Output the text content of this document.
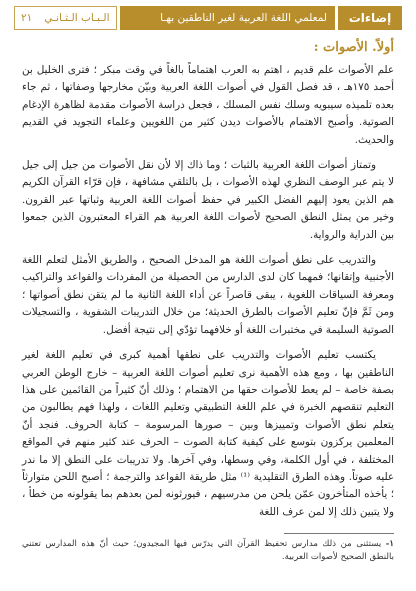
إضاءات
لمعلمي اللغة العربية لغير الناطقين بهـا
الـبـاب الـثـانـي
٢١
أولاً. الأصوات :

علم الأصوات علم قديم ، اهتم به العرب اهتماماً بالغاً في وقت مبكر ؛ فترى الخليل بن أحمد ١٧٥هـ ، قد فصل القول في أصوات اللغة العربية وبيّن مخارجها وصفاتها ، ثم جاء بعده تلميذه سيبويه وسلك نفس المسلك ، فجعل دراسة الأصوات مقدمة لظاهرة الإدغام الصوتية. وأصبح الاهتمام بالأصوات ديدن كثير من اللغويين وعلماء التجويد في القديم والحديث.

وتمتاز أصوات اللغة العربية بالثبات ؛ وما ذاك إلا لأن نقل الأصوات من جيل إلى جيل لا يتم عبر الوصف النظري لهذه الأصوات ، بل بالتلقي مشافهة ، فإن قرّاء القرآن الكريم هم الذين يعود إليهم الفضل الكبير في حفظ أصوات اللغة العربية وثباتها عبر القرون. وخير من يمثل النطق الصحيح لأصوات اللغة العربية هم القراء المعتبرون الذين جمعوا بين الدراية والرواية.

والتدريب على نطق أصوات اللغة هو المدخل الصحيح ، والطريق الأمثل لتعلم اللغة الأجنبية وإتقانها؛ فمهما كان لدى الدارس من الحصيلة من المفردات والقواعد والتراكيب ومعرفة السياقات اللغوية ، يبقى قاصراً عن أداء اللغة الثانية ما لم يتقن نطق أصواتها ؛ ومن ثَمَّ فإنّ تعليم الأصوات بالطرق الحديثة؛ من خلال التدريبات الشفوية ، والتسجيلات الصوتية السليمة في مختبرات اللغة أو خلافهما تؤدّي إلى نتيجة أفضل.

يكتسب تعليم الأصوات والتدريب على نطقها أهمية كبرى في تعليم اللغة لغير الناطقين بها ، ومع هذه الأهمية نرى تعليم أصوات اللغة العربية – خارج الوطن العربي بصفة خاصة – لم يعط للأصوات حقها من الاهتمام ؛ وذلك أنّ كثيراً من القائمين على هذا التعليم تنقصهم الخبرة في علم اللغة التطبيقي وتعليم اللغات ، ولهذا فهم يطالبون من يتعلم نطق الأصوات وتمييزها وبين – صورها المرسومة – كتابة الحروف. فنجد أنّ المعلمين يركزون بتوسع على كيفية كتابة الصوت – الحرف عند كثير منهم في المواقع المختلفة ، في أول الكلمة، وفي وسطها، وفي آخرها. ولا تدريبات على النطق إلا ما ندر عليه صوتاً. وهذه الطرق التقليدية ⁽¹⁾ مثل طريقة القواعد والترجمة ؛ أصبح اللحن متوارثاً ؛ يأخذه المتأخرون عمّن يلحن من مدرسيهم ، فيورثونه لمن بعدهم بما يقولونه من خطأ ، ولا يتبين ذلك إلا لمن عرف اللغة

١- يستثنى من ذلك مدارس تحفيظ القرآن التي يدرّس فيها المجيدون؛ حيث أنّ هذه المدارس تعتني بالنطق الصحيح لأصوات العربية.
